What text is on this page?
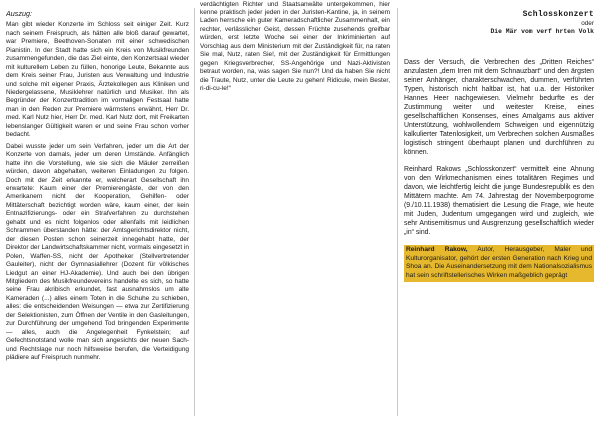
Auszug:

Man gibt wieder Konzerte im Schloss seit einiger Zeit. Kurz nach seinem Freispruch, als hätten alle bloß darauf gewartet, war Premiere, Beethoven-Sonaten mit einer schwedischen Pianistin. In der Stadt hatte sich ein Kreis von Musikfreunden zusammengefunden, die das Ziel einte, den Konzertsaal wieder mit kulturellem Leben zu füllen, honorige Leute, Bekannte aus dem Kreis seiner Frau, Juristen aus Verwaltung und Industrie und solche mit eigener Praxis, Ärztekollegen aus Kliniken und Niedergelassene, Musiklehrer natürlich und Musiker. Ihn als Begründer der Konzerttradition im vormaligen Festsaal hatte man in den Reden zur Premiere wärmstens erwähnt, Herr Dr. med. Karl Nutz hier, Herr Dr. med. Karl Nutz dort, mit Freikarten lebenslanger Gültigkeit waren er und seine Frau schon vorher bedacht.

Dabei wusste jeder um sein Verfahren, jeder um die Art der Konzerte von damals, jeder um deren Umstände. Anfänglich hatte ihn die Vorstellung, wie sie sich die Mäuler zerreißen würden, davon abgehalten, weiteren Einladungen zu folgen. Doch mit der Zeit erkannte er, welcherart Gesellschaft ihn erwartete: Kaum einer der Premierengäste, der von den Amerikanern nicht der Kooperation, Gehilfen- oder Mittäterschaft bezichtigt worden wäre, kaum einer, der kein Entnazifizierungs- oder ein Strafverfahren zu durchstehen gehabt und es nicht folgenlos oder allenfalls mit leidlichen Schrammen überstanden hätte: der Amtsgerichtsdirektor nicht, der diesen Posten schon seinerzeit innegehabt hatte, der Direktor der Landwirtschaftskammer nicht, vormals eingesetzt in Polen, Waffen-SS, nicht der Apotheker (Stellvertretender Gauleiter), nicht der Gymnasiallehrer (Dozent für völkisches Liedgut an einer HJ-Akademie). Und auch bei den übrigen Mitgliedern des Musikfreundevereins handelte es sich, so hatte seine Frau akribisch erkundet, fast ausnahmslos um alte Kameraden (...) alles einem Toten in die Schuhe zu schieben, alles: die entscheidenden Weisungen — etwa zur Zertifizierung der Selektionisten, zum Öffnen der Ventile in den Gasleitungen, zur Durchführung der umgehend Tod bringenden Experimente — alles, auch die Angelegenheit Fynkelstein; auf Gefechtsnotstand wolle man sich angesichts der neuen Sach- und Rechtslage nur noch hilfsweise berufen, die Verteidigung plädiere auf Freispruch nunmehr.

verdächtigten Richter und Staatsanwälte untergekommen, hier kenne praktisch jeder jeden in der Juristen-Kantine, ja, in seinem Laden herrsche ein guter Kameradschaftlicher Zusammenhalt, ein rechter, verlässlicher Geist, dessen Früchte zusehends greifbar würden, erst letzte Woche sei einer der Inkriminierten auf Vorschlag aus dem Ministerium mit der Zuständigkeit für, na raten Sie mal, Nutz, raten Sie!, mit der Zuständigkeit für Ermittlungen gegen Kriegsverbrecher, SS-Angehörige und Nazi-Aktivisten betraut worden, na, was sagen Sie nun?! Und da haben Sie nicht die Traute, Nutz, unter die Leute zu gehen! Ridicule, mein Bester, ri-di-cu-le!“

Schlosskonzert
oder
Die Mär vom verf hrten Volk

Dass der Versuch, die Verbrechen des „Dritten Reiches“ anzulasten „dem Irren mit dem Schnauzbart“ und den ärgsten seiner Anhänger, charakterschwachen, dummen, verführten Typen, historisch nicht haltbar ist, hat u.a. der Historiker Hannes Heer nachgewiesen. Vielmehr bedurfte es der Zustimmung weiter und weitester Kreise, eines gesellschaftlichen Konsenses, eines Amalgams aus aktiver Unterstützung, wohlwollendem Schweigen und eigennützig kalkulierter Tatenlosigkeit, um Verbrechen solchen Ausmaßes logistisch stringent überhaupt planen und durchführen zu können.

Reinhard Rakows „Schlosskonzert“ vermittelt eine Ahnung von den Wirkmechanismen eines totalitären Regimes und davon, wie leichtfertig leicht die junge Bundesrepublik es den Mittätern machte. Am 74. Jahrestag der Novemberpogrome (9./10.11.1938) thematisiert die Lesung die Frage, wie heute mit Juden, Judentum umgegangen wird und zugleich, wie sehr Antisemitismus und Ausgrenzung gesellschaftlich wieder „in“ sind.

Reinhard Rakow, Autor, Herausgeber, Maler und Kulturorganisator, gehört der ersten Generation nach Krieg und Shoa an. Die Auseinandersetzung mit dem Nationalsozialismus hat sein schriftstellerisches Wirken maßgeblich geprägt
